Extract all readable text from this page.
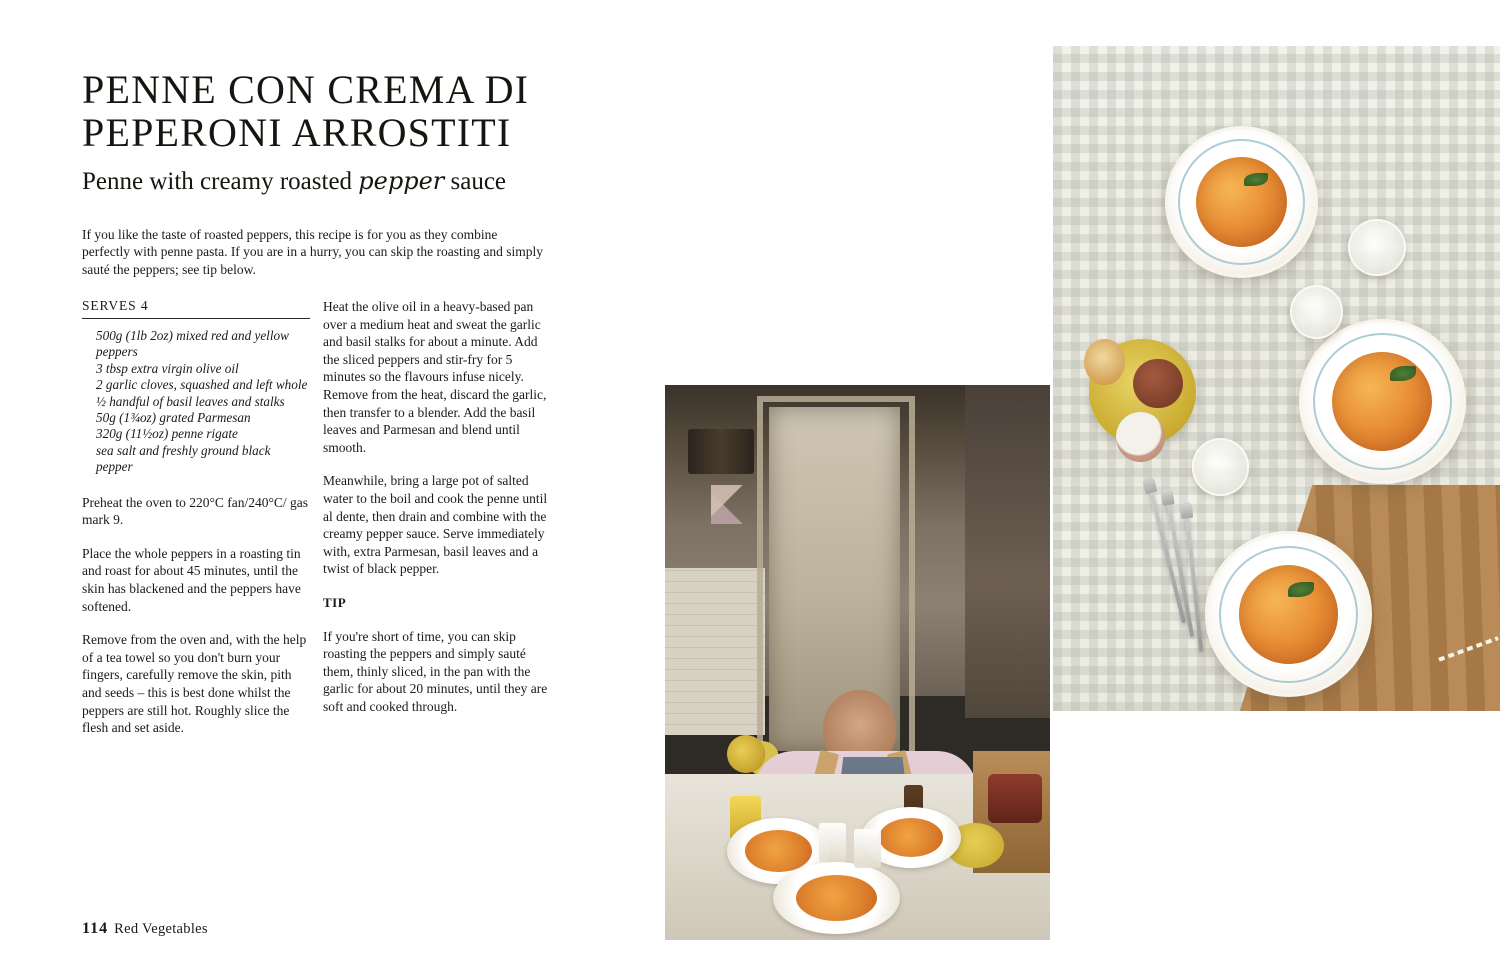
PENNE CON CREMA DI PEPERONI ARROSTITI

Penne with creamy roasted pepper sauce

If you like the taste of roasted peppers, this recipe is for you as they combine perfectly with penne pasta. If you are in a hurry, you can skip the roasting and simply sauté the peppers; see tip below.

SERVES 4
500g (1lb 2oz) mixed red and yellow peppers
3 tbsp extra virgin olive oil
2 garlic cloves, squashed and left whole
½ handful of basil leaves and stalks
50g (1¾oz) grated Parmesan
320g (11½oz) penne rigate
sea salt and freshly ground black pepper

Preheat the oven to 220°C fan/240°C/ gas mark 9.

Place the whole peppers in a roasting tin and roast for about 45 minutes, until the skin has blackened and the peppers have softened.

Remove from the oven and, with the help of a tea towel so you don't burn your fingers, carefully remove the skin, pith and seeds – this is best done whilst the peppers are still hot. Roughly slice the flesh and set aside.

Heat the olive oil in a heavy-based pan over a medium heat and sweat the garlic and basil stalks for about a minute. Add the sliced peppers and stir-fry for 5 minutes so the flavours infuse nicely. Remove from the heat, discard the garlic, then transfer to a blender. Add the basil leaves and Parmesan and blend until smooth.

Meanwhile, bring a large pot of salted water to the boil and cook the penne until al dente, then drain and combine with the creamy pepper sauce. Serve immediately with, extra Parmesan, basil leaves and a twist of black pepper.

TIP

If you're short of time, you can skip roasting the peppers and simply sauté them, thinly sliced, in the pan with the garlic for about 20 minutes, until they are soft and cooked through.

114 Red Vegetables
